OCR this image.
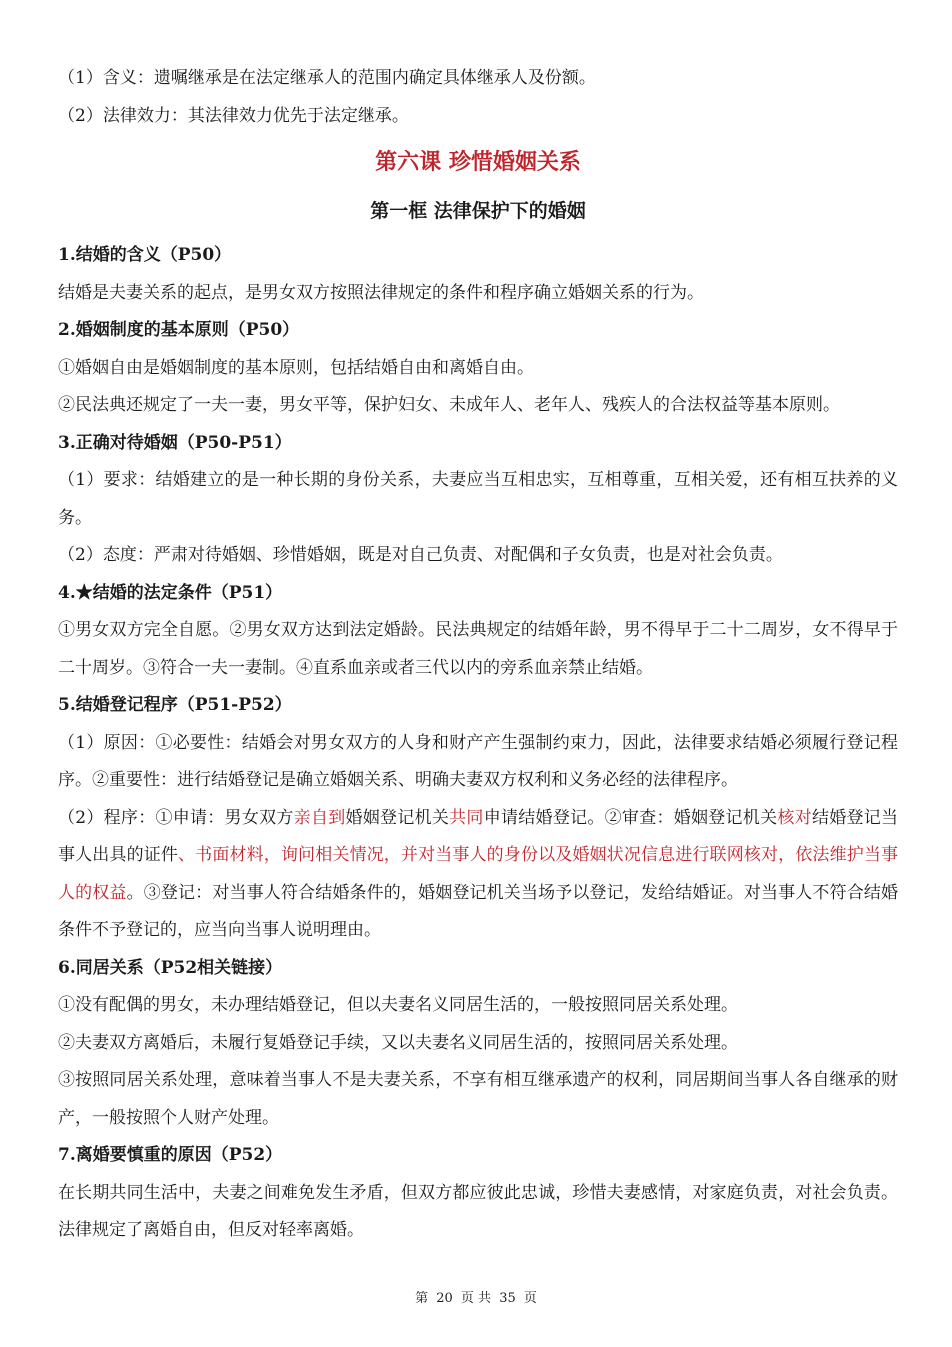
（1）含义：遗嘱继承是在法定继承人的范围内确定具体继承人及份额。

（2）法律效力：其法律效力优先于法定继承。

第六课 珍惜婚姻关系
第一框 法律保护下的婚姻

1.结婚的含义（P50）

结婚是夫妻关系的起点，是男女双方按照法律规定的条件和程序确立婚姻关系的行为。

2.婚姻制度的基本原则（P50）

①婚姻自由是婚姻制度的基本原则，包括结婚自由和离婚自由。

②民法典还规定了一夫一妻，男女平等，保护妇女、未成年人、老年人、残疾人的合法权益等基本原则。

3.正确对待婚姻（P50-P51）

（1）要求：结婚建立的是一种长期的身份关系，夫妻应当互相忠实，互相尊重，互相关爱，还有相互扶养的义务。

（2）态度：严肃对待婚姻、珍惜婚姻，既是对自己负责、对配偶和子女负责，也是对社会负责。

4.★结婚的法定条件（P51）

①男女双方完全自愿。②男女双方达到法定婚龄。民法典规定的结婚年龄，男不得早于二十二周岁，女不得早于二十周岁。③符合一夫一妻制。④直系血亲或者三代以内的旁系血亲禁止结婚。

5.结婚登记程序（P51-P52）

（1）原因：①必要性：结婚会对男女双方的人身和财产产生强制约束力，因此，法律要求结婚必须履行登记程序。②重要性：进行结婚登记是确立婚姻关系、明确夫妻双方权利和义务必经的法律程序。

（2）程序：①申请：男女双方亲自到婚姻登记机关共同申请结婚登记。②审查：婚姻登记机关核对结婚登记当事人出具的证件、书面材料，询问相关情况，并对当事人的身份以及婚姻状况信息进行联网核对，依法维护当事人的权益。③登记：对当事人符合结婚条件的，婚姻登记机关当场予以登记，发给结婚证。对当事人不符合结婚条件不予登记的，应当向当事人说明理由。

6.同居关系（P52相关链接）

①没有配偶的男女，未办理结婚登记，但以夫妻名义同居生活的，一般按照同居关系处理。

②夫妻双方离婚后，未履行复婚登记手续，又以夫妻名义同居生活的，按照同居关系处理。

③按照同居关系处理，意味着当事人不是夫妻关系，不享有相互继承遗产的权利，同居期间当事人各自继承的财产，一般按照个人财产处理。

7.离婚要慎重的原因（P52）

在长期共同生活中，夫妻之间难免发生矛盾，但双方都应彼此忠诚，珍惜夫妻感情，对家庭负责，对社会负责。法律规定了离婚自由，但反对轻率离婚。

第 20 页 共 35 页
